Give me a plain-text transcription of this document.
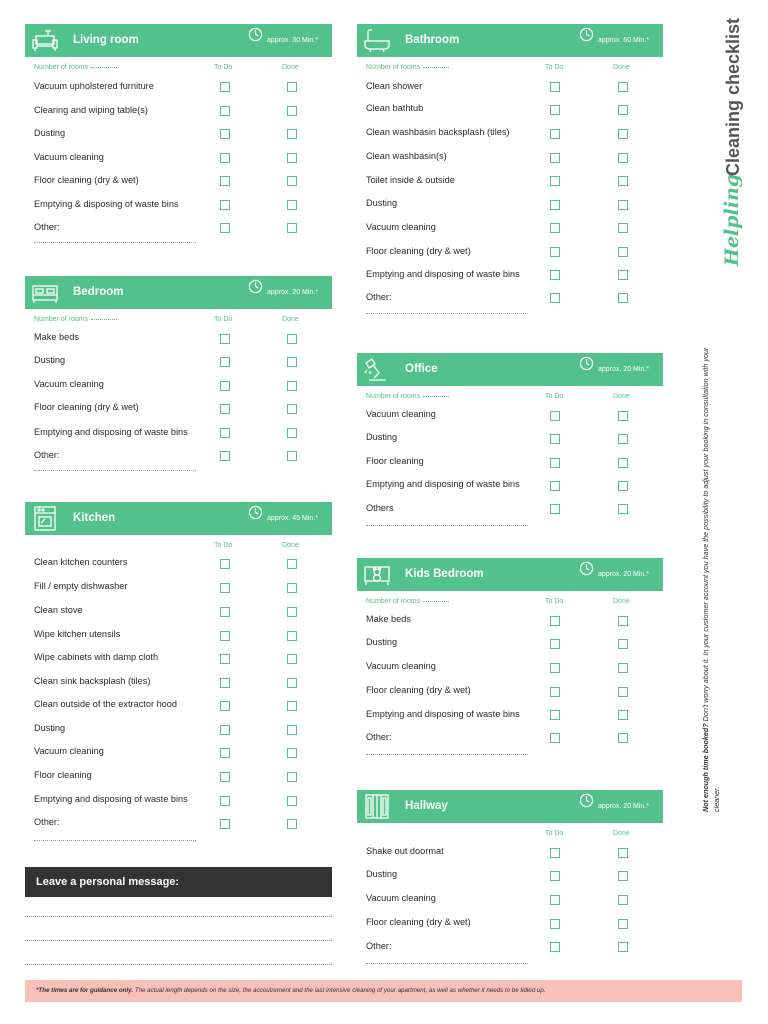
Living room	approx. 30 Min.*
Number of rooms	To Do	Done
Vacuum upholstered furniture
Clearing and wiping table(s)
Dusting
Vacuum cleaning
Floor cleaning (dry & wet)
Emptying & disposing of waste bins
Other:
Bedroom	approx. 20 Min.*
Number of rooms	To Do	Done
Make beds
Dusting
Vacuum cleaning
Floor cleaning (dry & wet)
Emptying and disposing of waste bins
Other:
Kitchen	approx. 45 Min.*
To Do	Done
Clean kitchen counters
Fill / empty dishwasher
Clean stove
Wipe kitchen utensils
Wipe cabinets with damp cloth
Clean sink backsplash (tiles)
Clean outside of the extractor hood
Dusting
Vacuum cleaning
Floor cleaning
Emptying and disposing of waste bins
Other:
Leave a personal message:
Bathroom	approx. 60 Min.*
Number of rooms	To Do	Done
Clean shower
Clean bathtub
Clean washbasin backsplash (tiles)
Clean washbasin(s)
Toilet inside & outside
Dusting
Vacuum cleaning
Floor cleaning (dry & wet)
Emptying and disposing of waste bins
Other:
Office	approx. 20 Min.*
Number of rooms	To Do	Done
Vacuum cleaning
Dusting
Floor cleaning
Emptying and disposing of waste bins
Others
Kids Bedroom	approx. 20 Min.*
Number of rooms	To Do	Done
Make beds
Dusting
Vacuum cleaning
Floor cleaning (dry & wet)
Emptying and disposing of waste bins
Other:
Hallway	approx. 20 Min.*
To Do	Done
Shake out doormat
Dusting
Vacuum cleaning
Floor cleaning (dry & wet)
Other:
Helpling
Cleaning checklist
Not enough time booked? Don't worry about it. In your customer account you have the possibility to adjust your booking in consultation with your cleaner.
*The times are for guidance only. The actual length depends on the size, the accoutrement and the last intensive cleaning of your apartment, as well as whether it needs to be tidied up.
